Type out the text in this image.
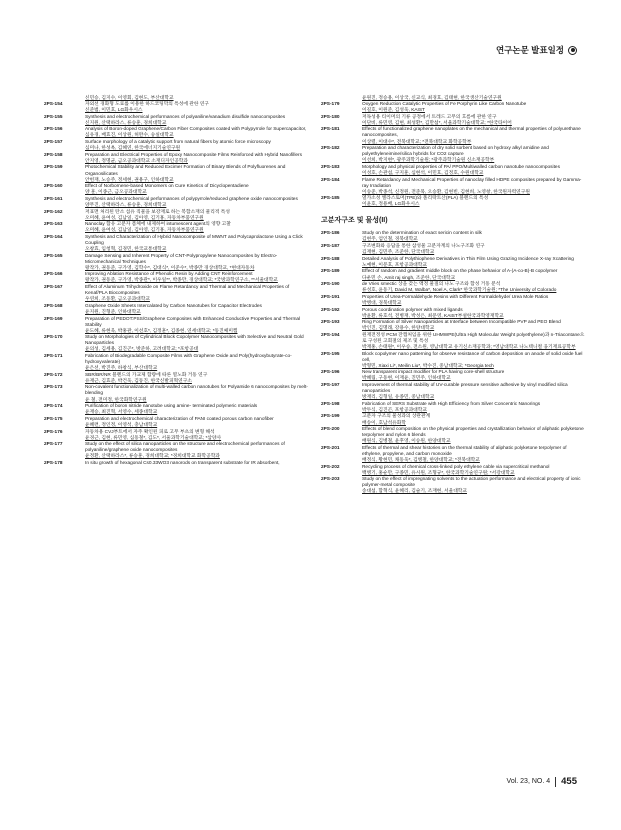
연구논문 발표일정
신민승, 김지수, 이영회, 김현도, 부산대학교
2PS-154	자외선 경화형 도료를 이용한 하드코팅막의 특성에 관한 연구
신준범, 이민호, LG화우시스
2PS-155	Synthesis and electrochemical performances of polyaniline/vanadium disulfide nanocomposites
신지원, 산택하라스, 류승훈, 경희대학교
2PS-156	Analysis of Boron-doped Graphene/Carbon Fiber Composites coated with Polypyrrole for Supercapacitor,
심유경, 배효진, 이상원, 허완수, 숭실대학교
2PS-157	Surface morphology of a catalytic support from natural fibers by atomic force microscopy
심미나, 한성옥, 김혜연, 한국에너지기술연구원
2PS-158	Preparation and Electrical Properties of Epoxy Nanocomposite Films Reinforced with Hybrid Nanofillers
안지영, 정명균, 금오공과대학교 소재디자인공학과
2PS-159	Photochemical Stability and Reduced Excimer Formation of Binary Blends of Polyfluorenes and Organosilicates
안헌재, 노승주, 정세현, 권용구, 인하대학교
2PS-160	Effect of Norbornene-based Monomers on Cure Kinetics of Dicyclopentadiene
양 훈, 이종근, 금오공과대학교
2PS-161	Synthesis and electrochemical performances of polypyrrole/reduced graphene oxide nanocomposites
양무진, 산택하라스, 류승훈, 경희대학교
2PS-162	저표면 처리된 탄소 섬유 직물을 보강재로 하는 복합소재의 물리적 특성
오미혜, 윤여성, 김남일, 김아영, 김기홍, 자동차부품연구원
2PS-163	Nanoclay 함유 고분자 폼체에 내제하여 intumescent agent의 영향 고찰
오미혜, 윤여성, 김남일, 김아영, 김기홍, 자동차부품연구원
2PS-164	Synthesis and Characterization of Hybrid Nanocomposite of MWNT and Polycaprolactone Using a Click Coupling
오창효, 임청혁, 김경민, 한국교통대학교
2PS-165	Damage Sensing and Inherent Property of CNT-Polypropylene Nanocomposites by Electro-Micromechanical Techniques
왕작가, 권동준, 구가영, 김학수*, 김대식*, 이준수*, 박종만 경상대학교, *현대자동차
2PS-166	Improving Ablation Resistance of Phenolic Resin by Adding CNT Reinforcement
왕작가, 권동준, 구가영, 박종관*, 이우일**, 박종만, 경상대학교; *국방과학연구소, **서울대학교
2PS-167	Effect of Aluminum Trihydroxide on Flame Retardancy and Thermal and Mechanical Properties of Kenaf/PLA Biocomposites
우연희, 조동환, 금오공과대학교
2PS-168	Graphene Oxide Sheets Intercalated by Carbon Nanotubes for Capacitor Electrodes
윤지원, 진형준, 인하대학교
2PS-169	Preparation of PEDOT:PSS/Graphene Composites with Enhanced Conductive Properties and Thermal Stability
윤도혜, 류현욱, 박홍관, 이선호*, 김정훈*, 김종현, 연세대학교; *동진쎄미켐
2PS-170	Study on Morphologies of Cylindrical Block Copolymer Nanocomposites with Selective and Neutral Gold Nanoparticles
윤의성, 김세용, 김진곤*, 방준하, 고려대학교; *포항공대
2PS-171	Fabrication of Biodegradable Composite Films with Graphene Oxide and Poly(hydroxybutyrate-co-hydroxyvalerate)
윤은선, 박진주, 하창식, 부산대학교
2PS-172	SBR/BR/NR 블렌드의 가교제 함량에 따른 열노화 거동 연구
유재근, 김효준, 박건욱, 김동진, 한국신발피혁연구소
2PS-173	Non-covalent functionalization of multi-walled carbon nanotubes for Polyamide 6 nanocomposites by melt-blending
윤 철, 전미정, 한국화학연구원
2PS-174	Purification of boron nitride nanotube using amine- terminated polymeric materials
윤재승, 최진혁, 서영수, 세종대학교
2PS-175	Preparation and electrochemical characterization of PANI coated porous carbon nanofiber
윤혜련, 정인정, 이영석, 충남대학교
2PS-176	자동차용 CVJ부트에서 자주 확인된 피로 고무 부츠의 변형 해석
윤경근, 김현, 류민영, 심동철*, 김도*, 서울과학기술대학교; *삼양사
2PS-177	Study on the effect of silica nanoparticles on the structure and electrochemical performances of polyaniline/graphene oxide nanocomposites
윤정환, 산택하라스*, 류승훈, 경희대학교; *경희대학교 화학공학과
2PS-178	In situ growth of hexagonal Cs0.33WO3 nanorods on transparent substrate for IR absorbent,
윤원진, 정승용, 이상국, 신교식, 최경호, 김태현, 한국생산기술연구원
2PS-179	Oxygen Reduction Catalytic Properties of Fe Porphyrin Like Carbon Nanotube
이길호, 이원준, 김성욱, KAIST
2PS-180	저독성용 티이머의 기류 공정에서 트레드 고무의 흐름에 관한 연구
이단비, 류민영, 김현, 최성환*, 김만섭*, 서울과학기술대학교; *한국타이어
2PS-181	Effects of functionalized graphene nanoplates on the mechanical and thermal properties of polyurethane nanocomposites,
이상렬, 이대수*, 전북대학교; *전북대학교 화학공학부
2PS-182	Preparation and characterization of dry solid sorbent based on hydroxy alkyl amidine and polyethyleneimine/silica hybrids for CO2 capture
이선희, 박지현*, 광주과학기술원; *광주과학기술원 신소재공학부
2PS-183	Morphology and physical properties of PA/ PPO/Multiwalled carbon nanotube nanocomposites
이성호, 손관섭, 구지훈, 심현석, 이민호, 김정호, 수원대학교
2PS-184	Flame Retardancy and Mechanical Properties of nanoclay filled HDPE composites prepared by Gamma-ray Irradiation
이승준, 박종석, 신정원, 전준묵, 오승환, 김현빈, 김현희, 노영창, 한국원자력연구원
2PS-185	열가소성 엘라스토머(TPE)와 폴리락트산(PLA) 블렌드의 특성
이윤호, 정용배, LG화우시스
고분자구조 및 물성(II)
2PS-186	Study on the determination of exact sericin content in silk
김현주, 엄인철, 경북대학교
2PS-187	구조변화와 응답을 통한 삼성물 고분자계의 나노구조화 연구
김재현, 김민주, 조준한, 단국대학교
2PS-188	Detailed Analysis of Polythiophene Derivatives in Thin Film Using Grazing Incidence X-ray Xcattering
노예현, 이문호, 포항공과대학교
2PS-189	Effect of random and gradient middle block on the phase behavior of A-(A-co-B)-B copolymer
다운민 손, Amit raj singh, 조준한, 단국대학교
2PS-190	de Vries smectic 상을 갖는 액정 물질의 나노 구조와 합성 거동 분석
류성호, 윤동기, David M, Walba*, Noel A, Clark* 한국과학기술원; *The University of Colorado
2PS-191	Properties of Urea-Formaldehyde Resins with Different Formaldehyde/ Urea Mole Ratios
박병대, 경북대학교
2PS-192	Porous coordination polymer with mixed ligands
박윤환, 류호석, 전병재, 박성은, 최문영, KAIST부설한국과학영재학교
2PS-193	Ring Formation of Silver Nanoparticles at Interface between Incompatible PVP and PEO Blend
박인진, 김명래, 강용수, 한양대학교
2PS-194	원재전정성 PCM 잔캡처임을 위한 UHMWPE(Ultra High Molecular Weight polyethylene)과 n-Triacontane으로 구성된 고회절의 제조 및 특성
박재홍, 손태원*, 이우승, 전소원, 영남대학교 유기신소재공학과; *영남대학교 나노텍니컬 융기재료공학부
2PS-195	Block copolymer nano patterning for observe resistance of carbon deposition on anode of solid oxide fuel cell,
박형민, Xiaxi Li*, Meilin Liu*, 박수진, 중남대학교; *Georgia tech
2PS-196	New transparent impact modifier for PLA having core-shell structure
박혜림, 구동현, 이재윤, 진민주, 인하대학교
2PS-197	Improvement of thermal stability of UV-curable pressure sensitive adhesive by vinyl modified silica nanoparticles
방재리, 김형일, 유종민, 중남대학교
2PS-198	Fabrication of SERS Substrate with High Efficiency from Silver Concentric Nanorings
박두식, 김진곤, 포항공과대학교
2PS-199	고분자 구조의 물성과의 상관관계
배송이, 호남석유화학
2PS-200	Effects of blend composition on the physical properties and crystallization behavior of aliphatic polyketone terpolymer and nylon 6 blends
배원식, 김병철, 윤후영, 이승원, 한양대학교
2PS-201	Effects of thermal and shear histories on the thermal stability of aliphatic polyketone terpolymer of ethylene, propylene, and carbon monoxide
배정식, 황현민, 채동욱*, 김병철, 한양대학교; *전북대학교
2PS-202	Recycling process of chemical cross-linked poly ethylene cable via supercritical methanol
백병기, 홍순만, 구종민, 유시원, 조형규*, 한국과학기술연구원; *서강대학교
2PS-203	Study on the effect of impregnating solvents to the actuation performance and electrical property of ionic polymer-metal composite
송대섭, 함혁식, 윤혜리, 김슬기, 조재현, 서울대학교
Vol. 23, NO. 4 455
